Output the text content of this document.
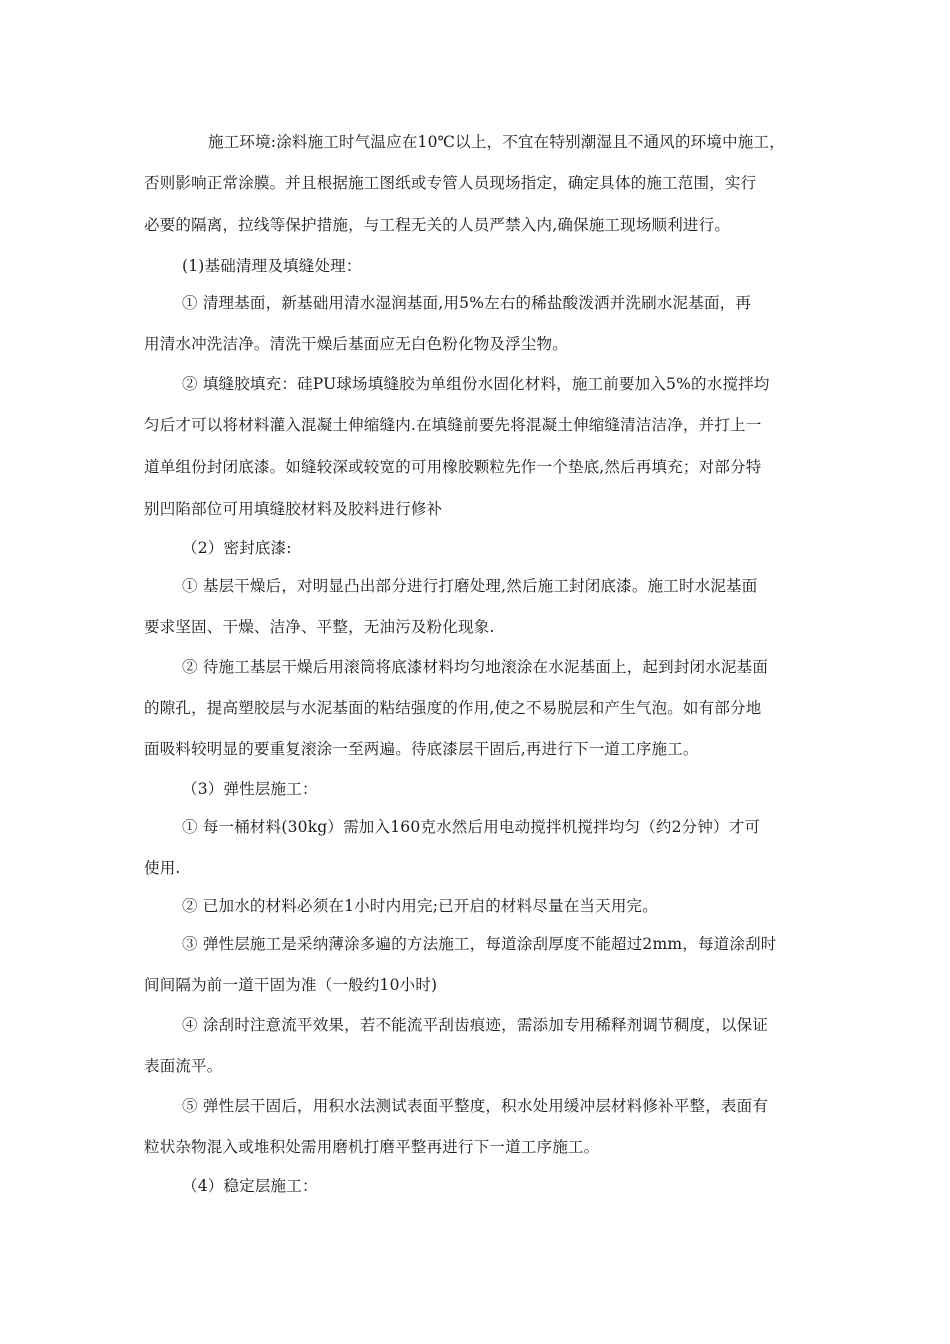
施工环境:涂料施工时气温应在10℃以上，不宜在特别潮湿且不通风的环境中施工，
否则影响正常涂膜。并且根据施工图纸或专管人员现场指定，确定具体的施工范围，实行
必要的隔离，拉线等保护措施，与工程无关的人员严禁入内,确保施工现场顺利进行。
(1)基础清理及填缝处理：
① 清理基面，新基础用清水湿润基面,用5%左右的稀盐酸泼洒并洗刷水泥基面，再
用清水冲洗洁净。清洗干燥后基面应无白色粉化物及浮尘物。
② 填缝胶填充：硅PU球场填缝胶为单组份水固化材料，施工前要加入5%的水搅拌均
匀后才可以将材料灌入混凝土伸缩缝内.在填缝前要先将混凝土伸缩缝清洁洁净，并打上一
道单组份封闭底漆。如缝较深或较宽的可用橡胶颗粒先作一个垫底,然后再填充；对部分特
别凹陷部位可用填缝胶材料及胶料进行修补
（2）密封底漆:
① 基层干燥后，对明显凸出部分进行打磨处理,然后施工封闭底漆。施工时水泥基面
要求坚固、干燥、洁净、平整，无油污及粉化现象.
② 待施工基层干燥后用滚筒将底漆材料均匀地滚涂在水泥基面上，起到封闭水泥基面
的隙孔，提高塑胶层与水泥基面的粘结强度的作用,使之不易脱层和产生气泡。如有部分地
面吸料较明显的要重复滚涂一至两遍。待底漆层干固后,再进行下一道工序施工。
（3）弹性层施工：
① 每一桶材料(30kg）需加入160克水然后用电动搅拌机搅拌均匀（约2分钟）才可
使用.
② 已加水的材料必须在1小时内用完;已开启的材料尽量在当天用完。
③ 弹性层施工是采纳薄涂多遍的方法施工，每道涂刮厚度不能超过2mm，每道涂刮时
间间隔为前一道干固为准（一般约10小时)
④ 涂刮时注意流平效果，若不能流平刮齿痕迹，需添加专用稀释剂调节稠度，以保证
表面流平。
⑤ 弹性层干固后，用积水法测试表面平整度，积水处用缓冲层材料修补平整，表面有
粒状杂物混入或堆积处需用磨机打磨平整再进行下一道工序施工。
（4）稳定层施工：
